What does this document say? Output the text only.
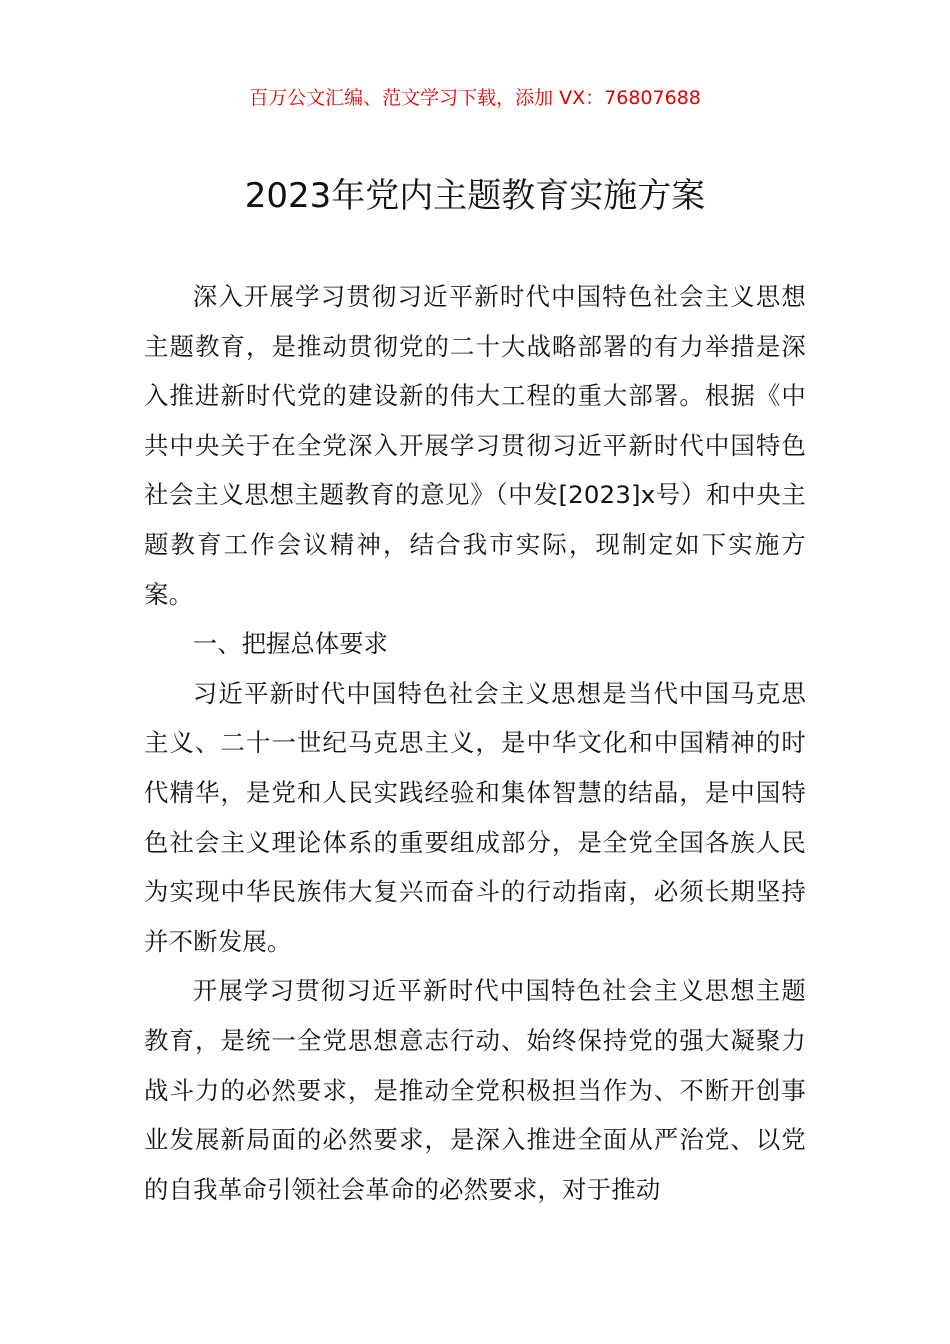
百万公文汇编、范文学习下载，添加 VX：76807688
2023年党内主题教育实施方案

深入开展学习贯彻习近平新时代中国特色社会主义思想主题教育，是推动贯彻党的二十大战略部署的有力举措是深入推进新时代党的建设新的伟大工程的重大部署。根据《中共中央关于在全党深入开展学习贯彻习近平新时代中国特色社会主义思想主题教育的意见》（中发[2023]x号）和中央主题教育工作会议精神，结合我市实际，现制定如下实施方案。

一、把握总体要求

习近平新时代中国特色社会主义思想是当代中国马克思主义、二十一世纪马克思主义，是中华文化和中国精神的时代精华，是党和人民实践经验和集体智慧的结晶，是中国特色社会主义理论体系的重要组成部分，是全党全国各族人民为实现中华民族伟大复兴而奋斗的行动指南，必须长期坚持并不断发展。

开展学习贯彻习近平新时代中国特色社会主义思想主题教育，是统一全党思想意志行动、始终保持党的强大凝聚力战斗力的必然要求，是推动全党积极担当作为、不断开创事业发展新局面的必然要求，是深入推进全面从严治党、以党的自我革命引领社会革命的必然要求，对于推动
